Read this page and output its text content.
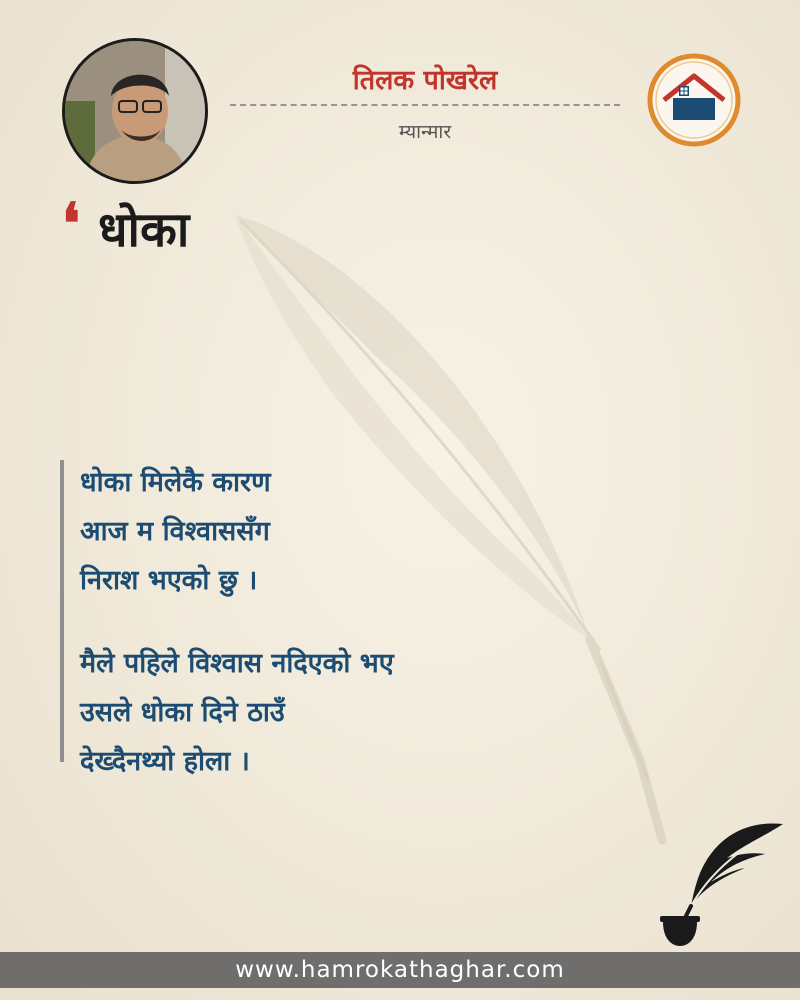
तिलक पोखरेल
म्यान्मार
❛ धोका
धोका मिलेकै कारण
आज म विश्वाससँग
निराश भएको छु ।
मैले पहिले विश्वास नदिएको भए
उसले धोका दिने ठाउँ
देख्दैनथ्यो होला ।
www.hamrokathaghar.com
